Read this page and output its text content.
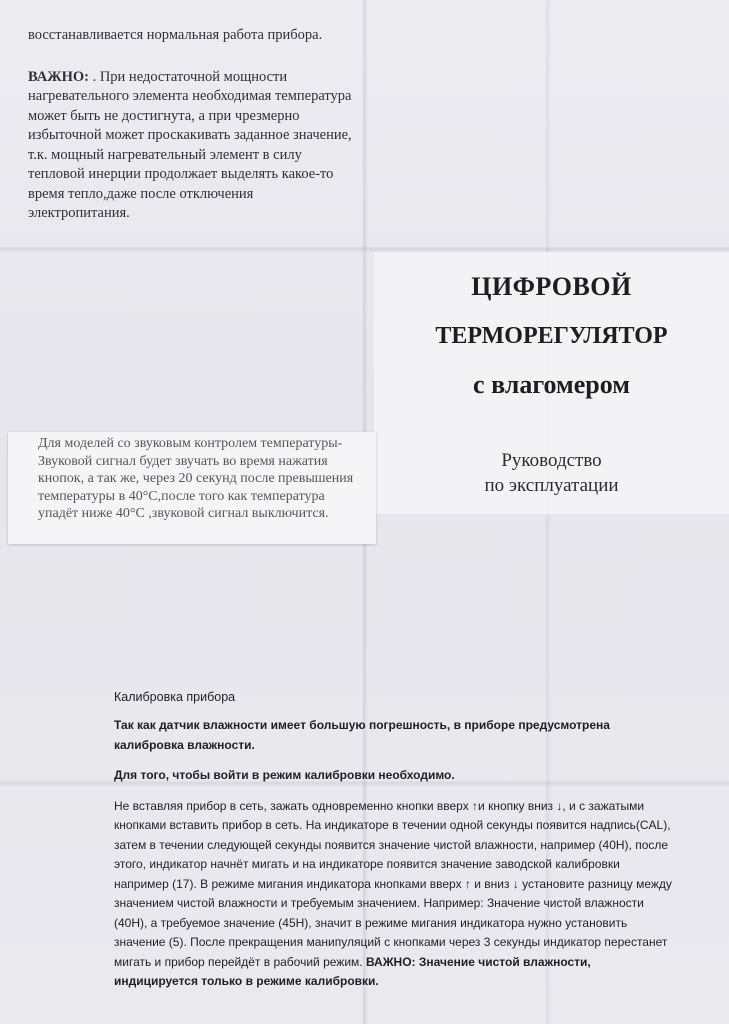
восстанавливается нормальная работа прибора.

ВАЖНО: . При недостаточной мощности нагревательного элемента необходимая температура может быть не достигнута, а при чрезмерно избыточной может проскакивать заданное значение, т.к. мощный нагревательный элемент в силу тепловой инерции продолжает выделять какое-то время тепло,даже после отключения электропитания.

ЦИФРОВОЙ
ТЕРМОРЕГУЛЯТОР
с влагомером
Руководство
по эксплуатации

Для моделей со звуковым контролем температуры-Звуковой сигнал будет звучать во время нажатия кнопок, а так же, через 20 секунд после превышения температуры в 40°С,после того как температура упадёт ниже 40°С ,звуковой сигнал выключится.

Калибровка прибора

Так как датчик влажности имеет большую погрешность, в приборе предусмотрена калибровка влажности.

Для того, чтобы войти в режим калибровки необходимо.

Не вставляя прибор в сеть, зажать одновременно кнопки вверх ↑и кнопку вниз ↓, и с зажатыми кнопками вставить прибор в сеть. На индикаторе в течении одной секунды появится надпись(CAL), затем в течении следующей секунды появится значение чистой влажности, например (40Н), после этого, индикатор начнёт мигать и на индикаторе появится значение заводской калибровки например (17). В режиме мигания индикатора кнопками вверх ↑ и вниз ↓ установите разницу между значением чистой влажности и требуемым значением. Например: Значение чистой влажности (40Н), а требуемое значение (45Н), значит в режиме мигания индикатора нужно установить значение (5). После прекращения манипуляций с кнопками через 3 секунды индикатор перестанет мигать и прибор перейдёт в рабочий режим. ВАЖНО: Значение чистой влажности, индицируется только в режиме калибровки.
